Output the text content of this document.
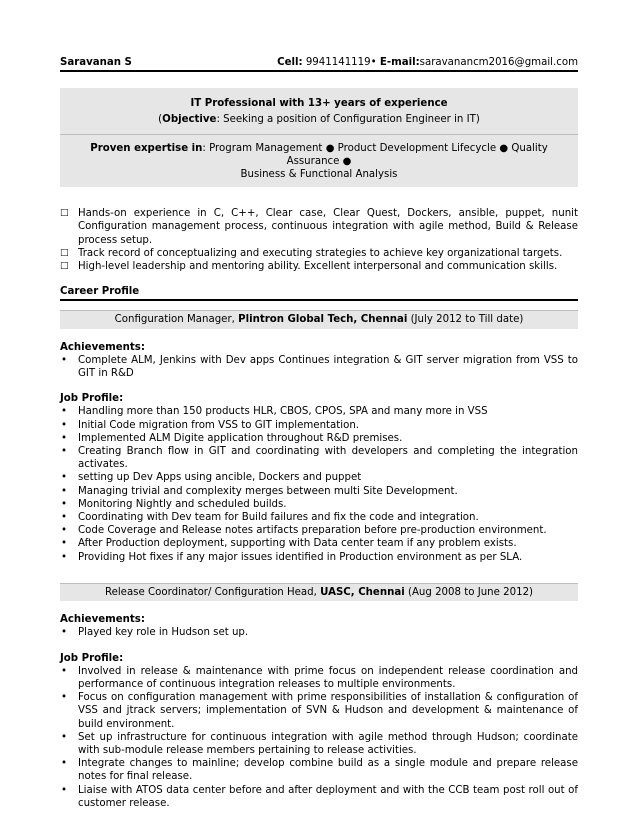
Saravanan S	Cell: 9941141119• E-mail:saravanancm2016@gmail.com
IT Professional with 13+ years of experience
(Objective: Seeking a position of Configuration Engineer in IT)
Proven expertise in: Program Management ● Product Development Lifecycle ● Quality Assurance ●
Business & Functional Analysis
□ Hands-on experience in C, C++, Clear case, Clear Quest, Dockers, ansible, puppet, nunit Configuration management process, continuous integration with agile method, Build & Release process setup.
□ Track record of conceptualizing and executing strategies to achieve key organizational targets.
□ High-level leadership and mentoring ability. Excellent interpersonal and communication skills.
Career Profile
Configuration Manager, Plintron Global Tech, Chennai (July 2012 to Till date)
Achievements:
• Complete ALM, Jenkins with Dev apps Continues integration & GIT server migration from VSS to GIT in R&D
Job Profile:
• Handling more than 150 products HLR, CBOS, CPOS, SPA and many more in VSS
• Initial Code migration from VSS to GIT implementation.
• Implemented ALM Digite application throughout R&D premises.
• Creating Branch flow in GIT and coordinating with developers and completing the integration activates.
• setting up Dev Apps using ancible, Dockers and puppet
• Managing trivial and complexity merges between multi Site Development.
• Monitoring Nightly and scheduled builds.
• Coordinating with Dev team for Build failures and fix the code and integration.
• Code Coverage and Release notes artifacts preparation before pre-production environment.
• After Production deployment, supporting with Data center team if any problem exists.
• Providing Hot fixes if any major issues identified in Production environment as per SLA.
Release Coordinator/ Configuration Head, UASC, Chennai (Aug 2008 to June 2012)
Achievements:
• Played key role in Hudson set up.
Job Profile:
• Involved in release & maintenance with prime focus on independent release coordination and performance of continuous integration releases to multiple environments.
• Focus on configuration management with prime responsibilities of installation & configuration of VSS and jtrack servers; implementation of SVN & Hudson and development & maintenance of build environment.
• Set up infrastructure for continuous integration with agile method through Hudson; coordinate with sub-module release members pertaining to release activities.
• Integrate changes to mainline; develop combine build as a single module and prepare release notes for final release.
• Liaise with ATOS data center before and after deployment and with the CCB team post roll out of customer release.
